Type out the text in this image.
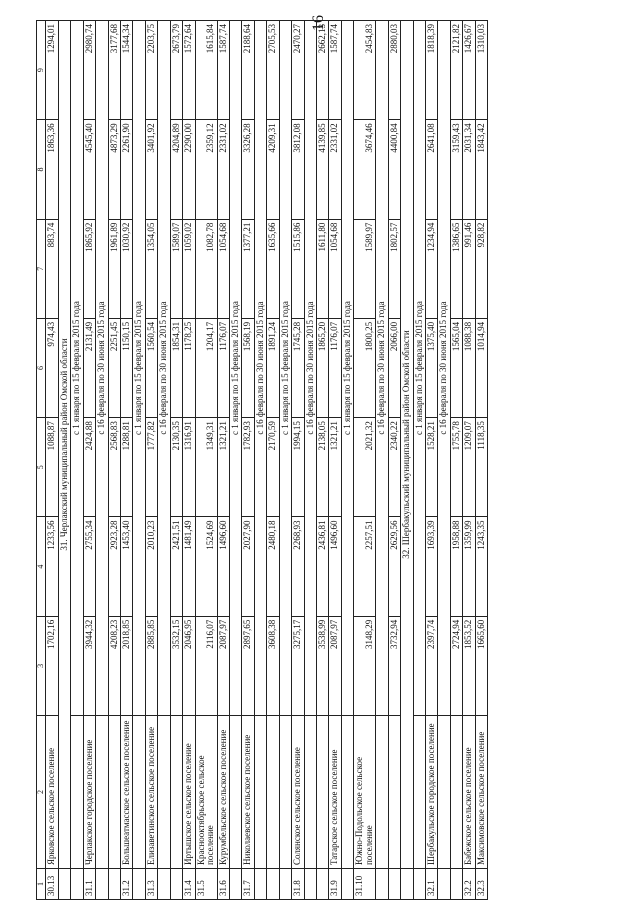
16
1	2	3	4	5	6	7	8	9
30.13	Ярковское сельское поселение	1702,16	1233,56	1088,87	974,43	883,74	1863,36	1294,01
	31. Черлакский муниципальный район Омской области							
		с 1 января по 15 февраля 2015 года						
31.1	Черлакское городское поселение	3944,32	2755,34	2424,88	2131,49	1865,92	4545,40	2980,74
		с 16 февраля по 30 июня 2015 года						
		4208,23	2923,28	2568,83	2251,45	1961,89	4873,29	3177,68
31.2	Большеатмасское сельское поселение	2018,85	1453,40	1288,81	1150,15	1030,92	2261,90	1544,34
		с 1 января по 15 февраля 2015 года						
31.3	Елизаветинское сельское поселение	2885,85	2010,23	1777,82	1560,54	1354,05	3401,92	2203,75
		с 16 февраля по 30 июня 2015 года						
		3532,15	2421,51	2130,35	1854,31	1589,07	4204,89	2673,79
31.4	Иртышское сельское поселение	2046,95	1481,49	1316,91	1178,25	1059,02	2290,00	1572,64
31.5	Краснооктябрьское сельское поселение	2116,07	1524,69	1349,31	1204,17	1082,78	2359,12	1615,84
31.6	Курумбельское сельское поселение	2087,97	1496,60	1321,21	1176,07	1054,68	2331,02	1587,74
		с 1 января по 15 февраля 2015 года						
31.7	Николаевское сельское поселение	2897,65	2027,90	1782,93	1568,19	1377,21	3326,28	2188,64
		с 16 февраля по 30 июня 2015 года						
		3608,38	2480,18	2170,59	1891,24	1635,66	4209,31	2705,53
		с 1 января по 15 февраля 2015 года						
31.8	Солянское сельское поселение	3275,17	2268,93	1994,15	1745,28	1515,86	3812,08	2470,27
		с 16 февраля по 30 июня 2015 года						
		3538,99	2436,81	2138,05	1865,20	1611,80	4139,85	2662,13
31.9	Татарское сельское поселение	2087,97	1496,60	1321,21	1176,07	1054,68	2331,02	1587,74
		с 1 января по 15 февраля 2015 года						
31.10	Южно-Подольское сельское поселение	3148,29	2257,51	2021,32	1800,25	1589,97	3674,46	2454,83
		с 16 февраля по 30 июня 2015 года						
		3732,94	2629,56	2340,22	2066,00	1802,57	4400,84	2880,03
	32. Шербакульский муниципальный район Омской области							
		с 1 января по 15 февраля 2015 года						
32.1	Шербакульское городское поселение	2397,74	1693,39	1528,21	1375,40	1234,94	2641,08	1818,39
		с 16 февраля по 30 июня 2015 года						
		2724,94	1958,88	1755,78	1565,04	1386,65	3159,43	2121,82
32.2	Бабежское сельское поселение	1853,52	1359,99	1209,07	1088,38	991,46	2031,34	1426,67
32.3	Максимовское сельское поселение	1665,60	1243,35	1118,35	1014,94	928,82	1843,42	1310,03
